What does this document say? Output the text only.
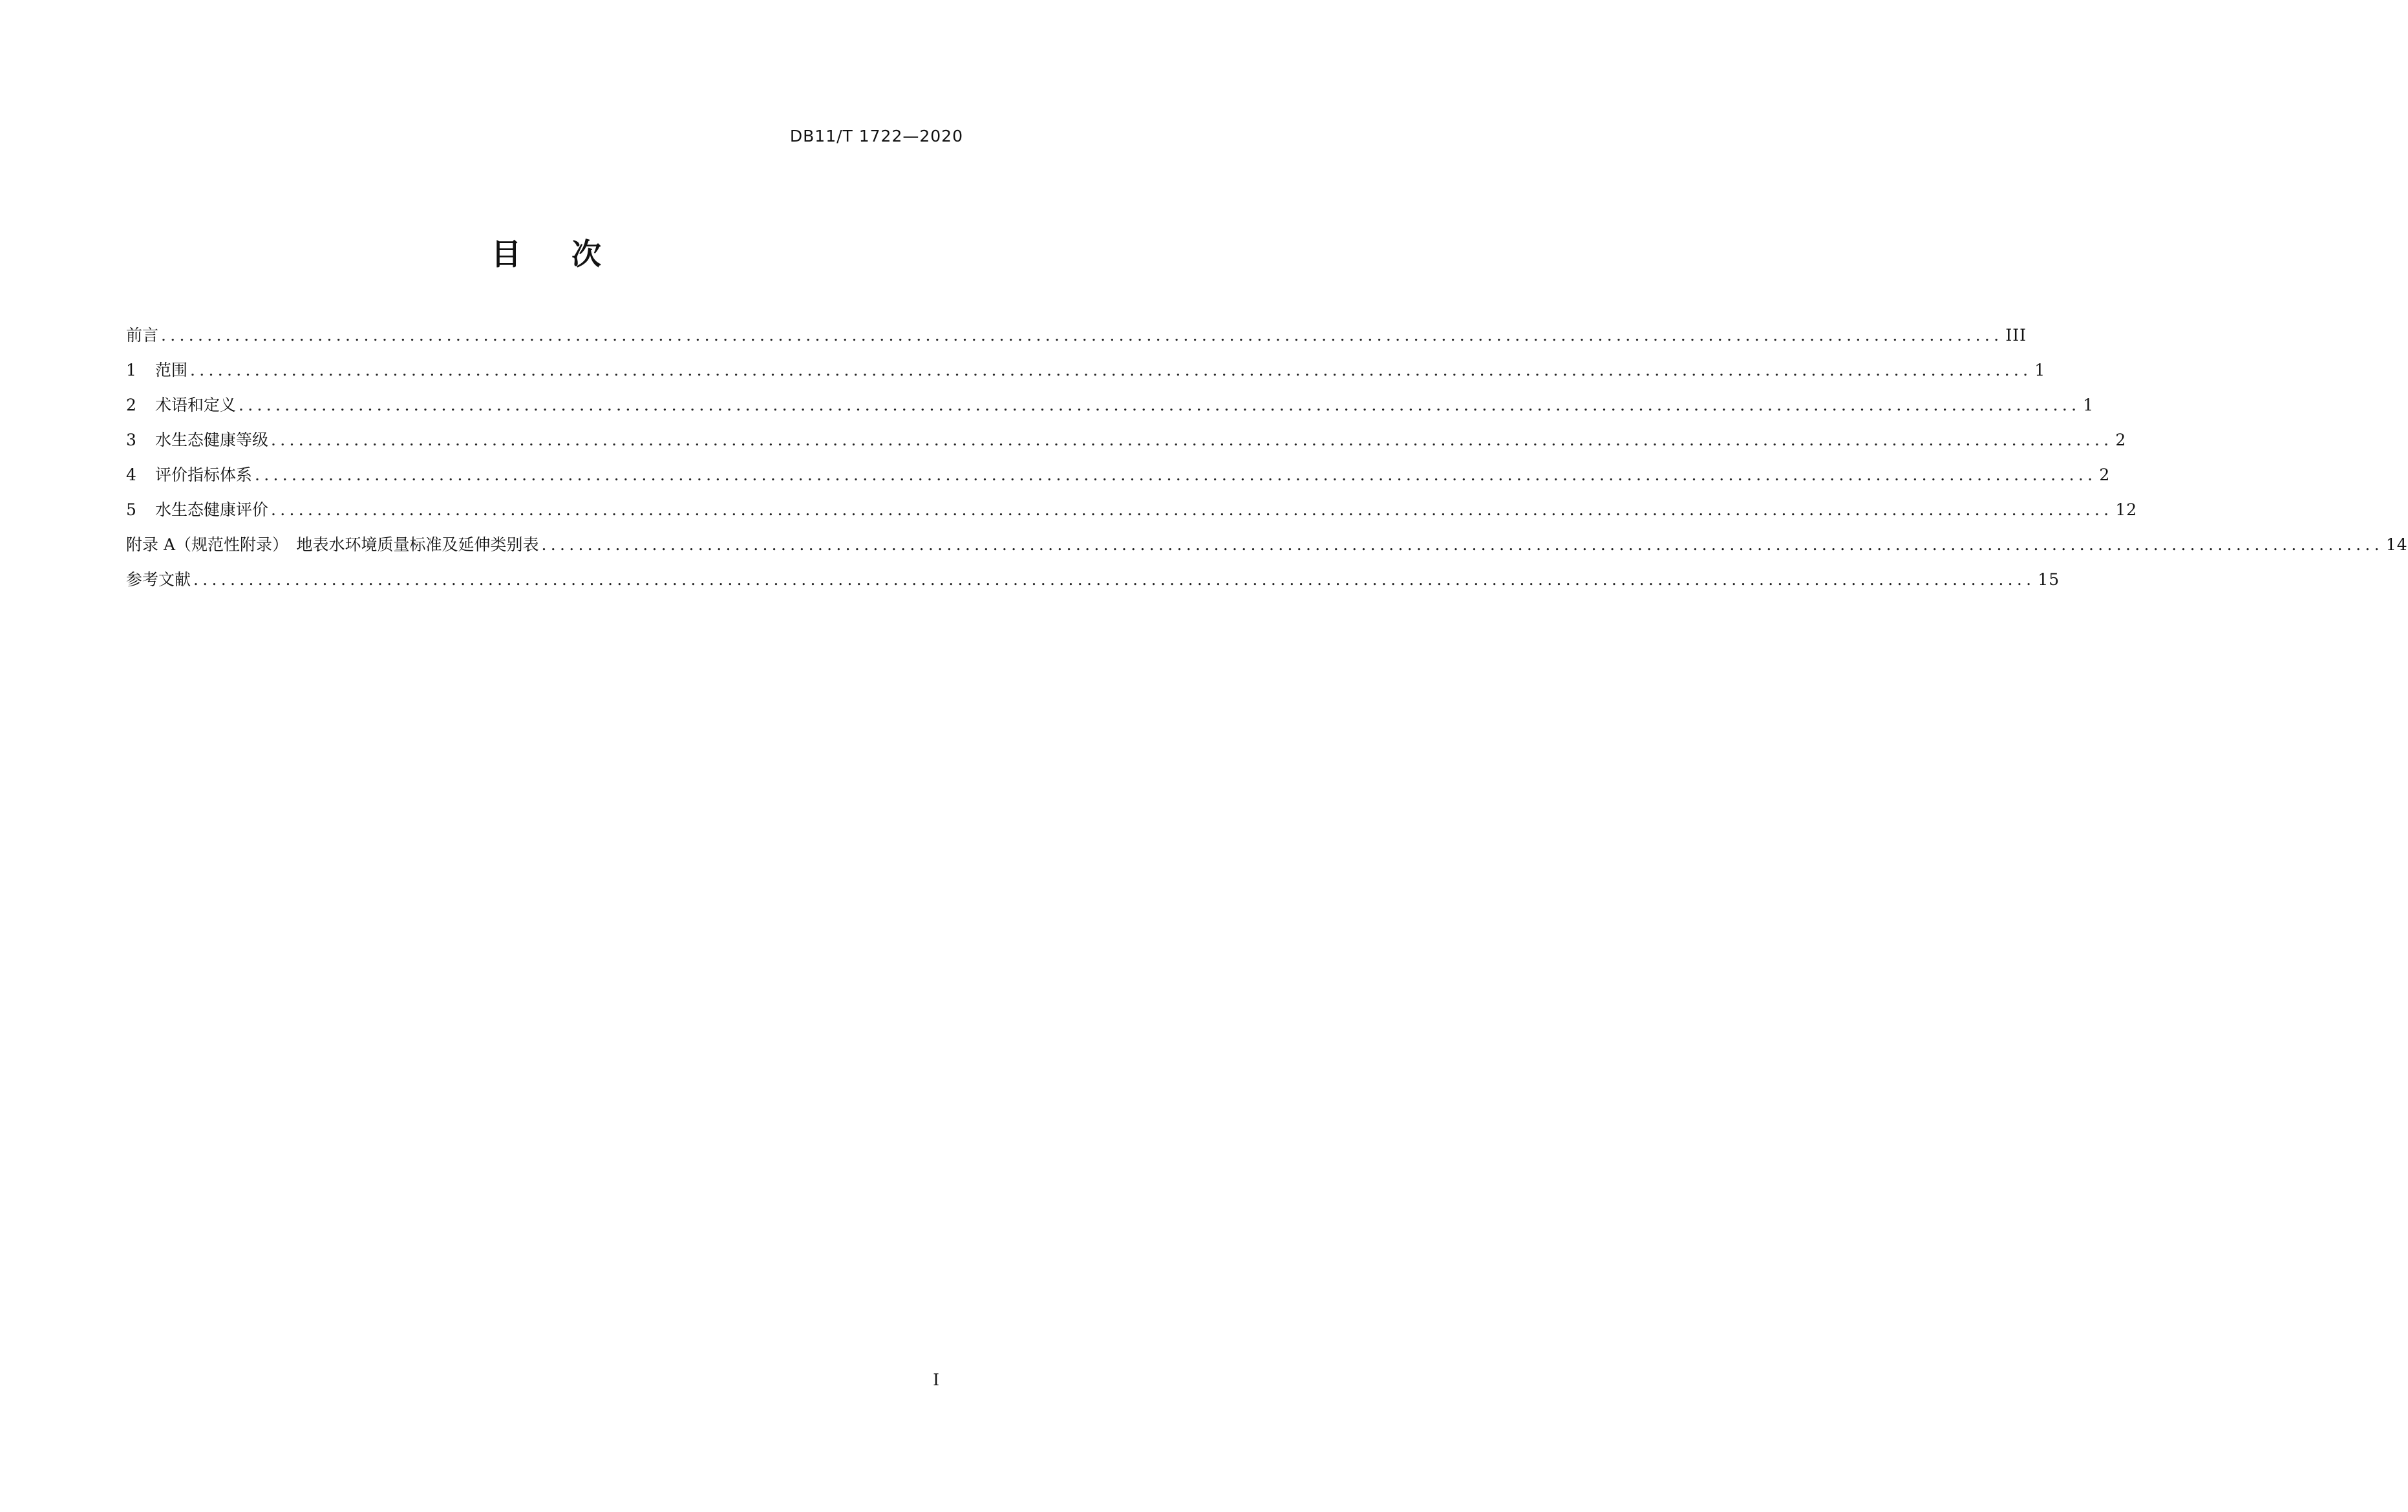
DB11/T 1722—2020
目 次
前言 ........................................................................................................................................................................................................ III
1	范围 ........................................................................................................................................................................................................ 1
2	术语和定义 ........................................................................................................................................................................................................ 1
3	水生态健康等级 ........................................................................................................................................................................................................ 2
4	评价指标体系 ........................................................................................................................................................................................................ 2
5	水生态健康评价 ........................................................................................................................................................................................................ 12
附录 A（规范性附录）　地表水环境质量标准及延伸类别表 ........................................................................................................................................................................................................ 14
参考文献 ........................................................................................................................................................................................................ 15
I
